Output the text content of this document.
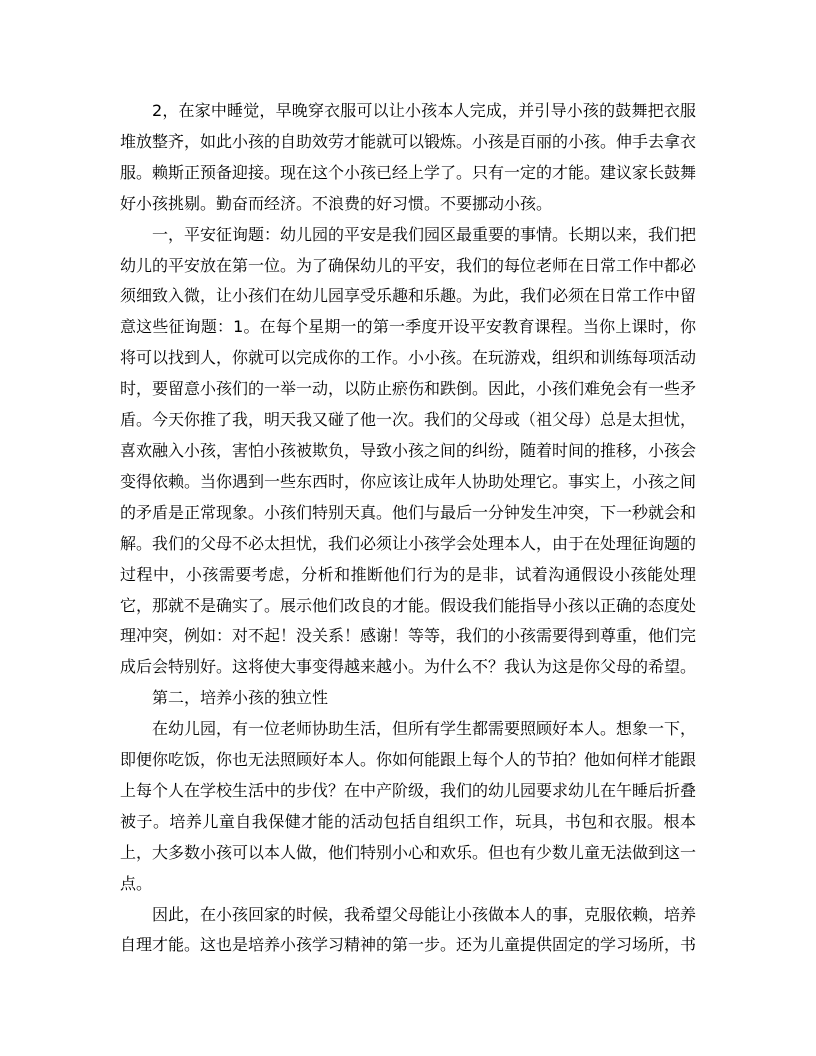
2，在家中睡觉，早晚穿衣服可以让小孩本人完成，并引导小孩的鼓舞把衣服堆放整齐，如此小孩的自助效劳才能就可以锻炼。小孩是百丽的小孩。伸手去拿衣服。赖斯正预备迎接。现在这个小孩已经上学了。只有一定的才能。建议家长鼓舞好小孩挑剔。勤奋而经济。不浪费的好习惯。不要挪动小孩。

一，平安征询题：幼儿园的平安是我们园区最重要的事情。长期以来，我们把幼儿的平安放在第一位。为了确保幼儿的平安，我们的每位老师在日常工作中都必须细致入微，让小孩们在幼儿园享受乐趣和乐趣。为此，我们必须在日常工作中留意这些征询题：1。在每个星期一的第一季度开设平安教育课程。当你上课时，你将可以找到人，你就可以完成你的工作。小小孩。在玩游戏，组织和训练每项活动时，要留意小孩们的一举一动，以防止瘀伤和跌倒。因此，小孩们难免会有一些矛盾。今天你推了我，明天我又碰了他一次。我们的父母或（祖父母）总是太担忧，喜欢融入小孩，害怕小孩被欺负，导致小孩之间的纠纷，随着时间的推移，小孩会变得依赖。当你遇到一些东西时，你应该让成年人协助处理它。事实上，小孩之间的矛盾是正常现象。小孩们特别天真。他们与最后一分钟发生冲突，下一秒就会和解。我们的父母不必太担忧，我们必须让小孩学会处理本人，由于在处理征询题的过程中，小孩需要考虑，分析和推断他们行为的是非，试着沟通假设小孩能处理它，那就不是确实了。展示他们改良的才能。假设我们能指导小孩以正确的态度处理冲突，例如：对不起！没关系！感谢！等等，我们的小孩需要得到尊重，他们完成后会特别好。这将使大事变得越来越小。为什么不？我认为这是你父母的希望。

第二，培养小孩的独立性

在幼儿园，有一位老师协助生活，但所有学生都需要照顾好本人。想象一下，即便你吃饭，你也无法照顾好本人。你如何能跟上每个人的节拍？他如何样才能跟上每个人在学校生活中的步伐？在中产阶级，我们的幼儿园要求幼儿在午睡后折叠被子。培养儿童自我保健才能的活动包括自组织工作，玩具，书包和衣服。根本上，大多数小孩可以本人做，他们特别小心和欢乐。但也有少数儿童无法做到这一点。

因此，在小孩回家的时候，我希望父母能让小孩做本人的事，克服依赖，培养自理才能。这也是培养小孩学习精神的第一步。还为儿童提供固定的学习场所，书
